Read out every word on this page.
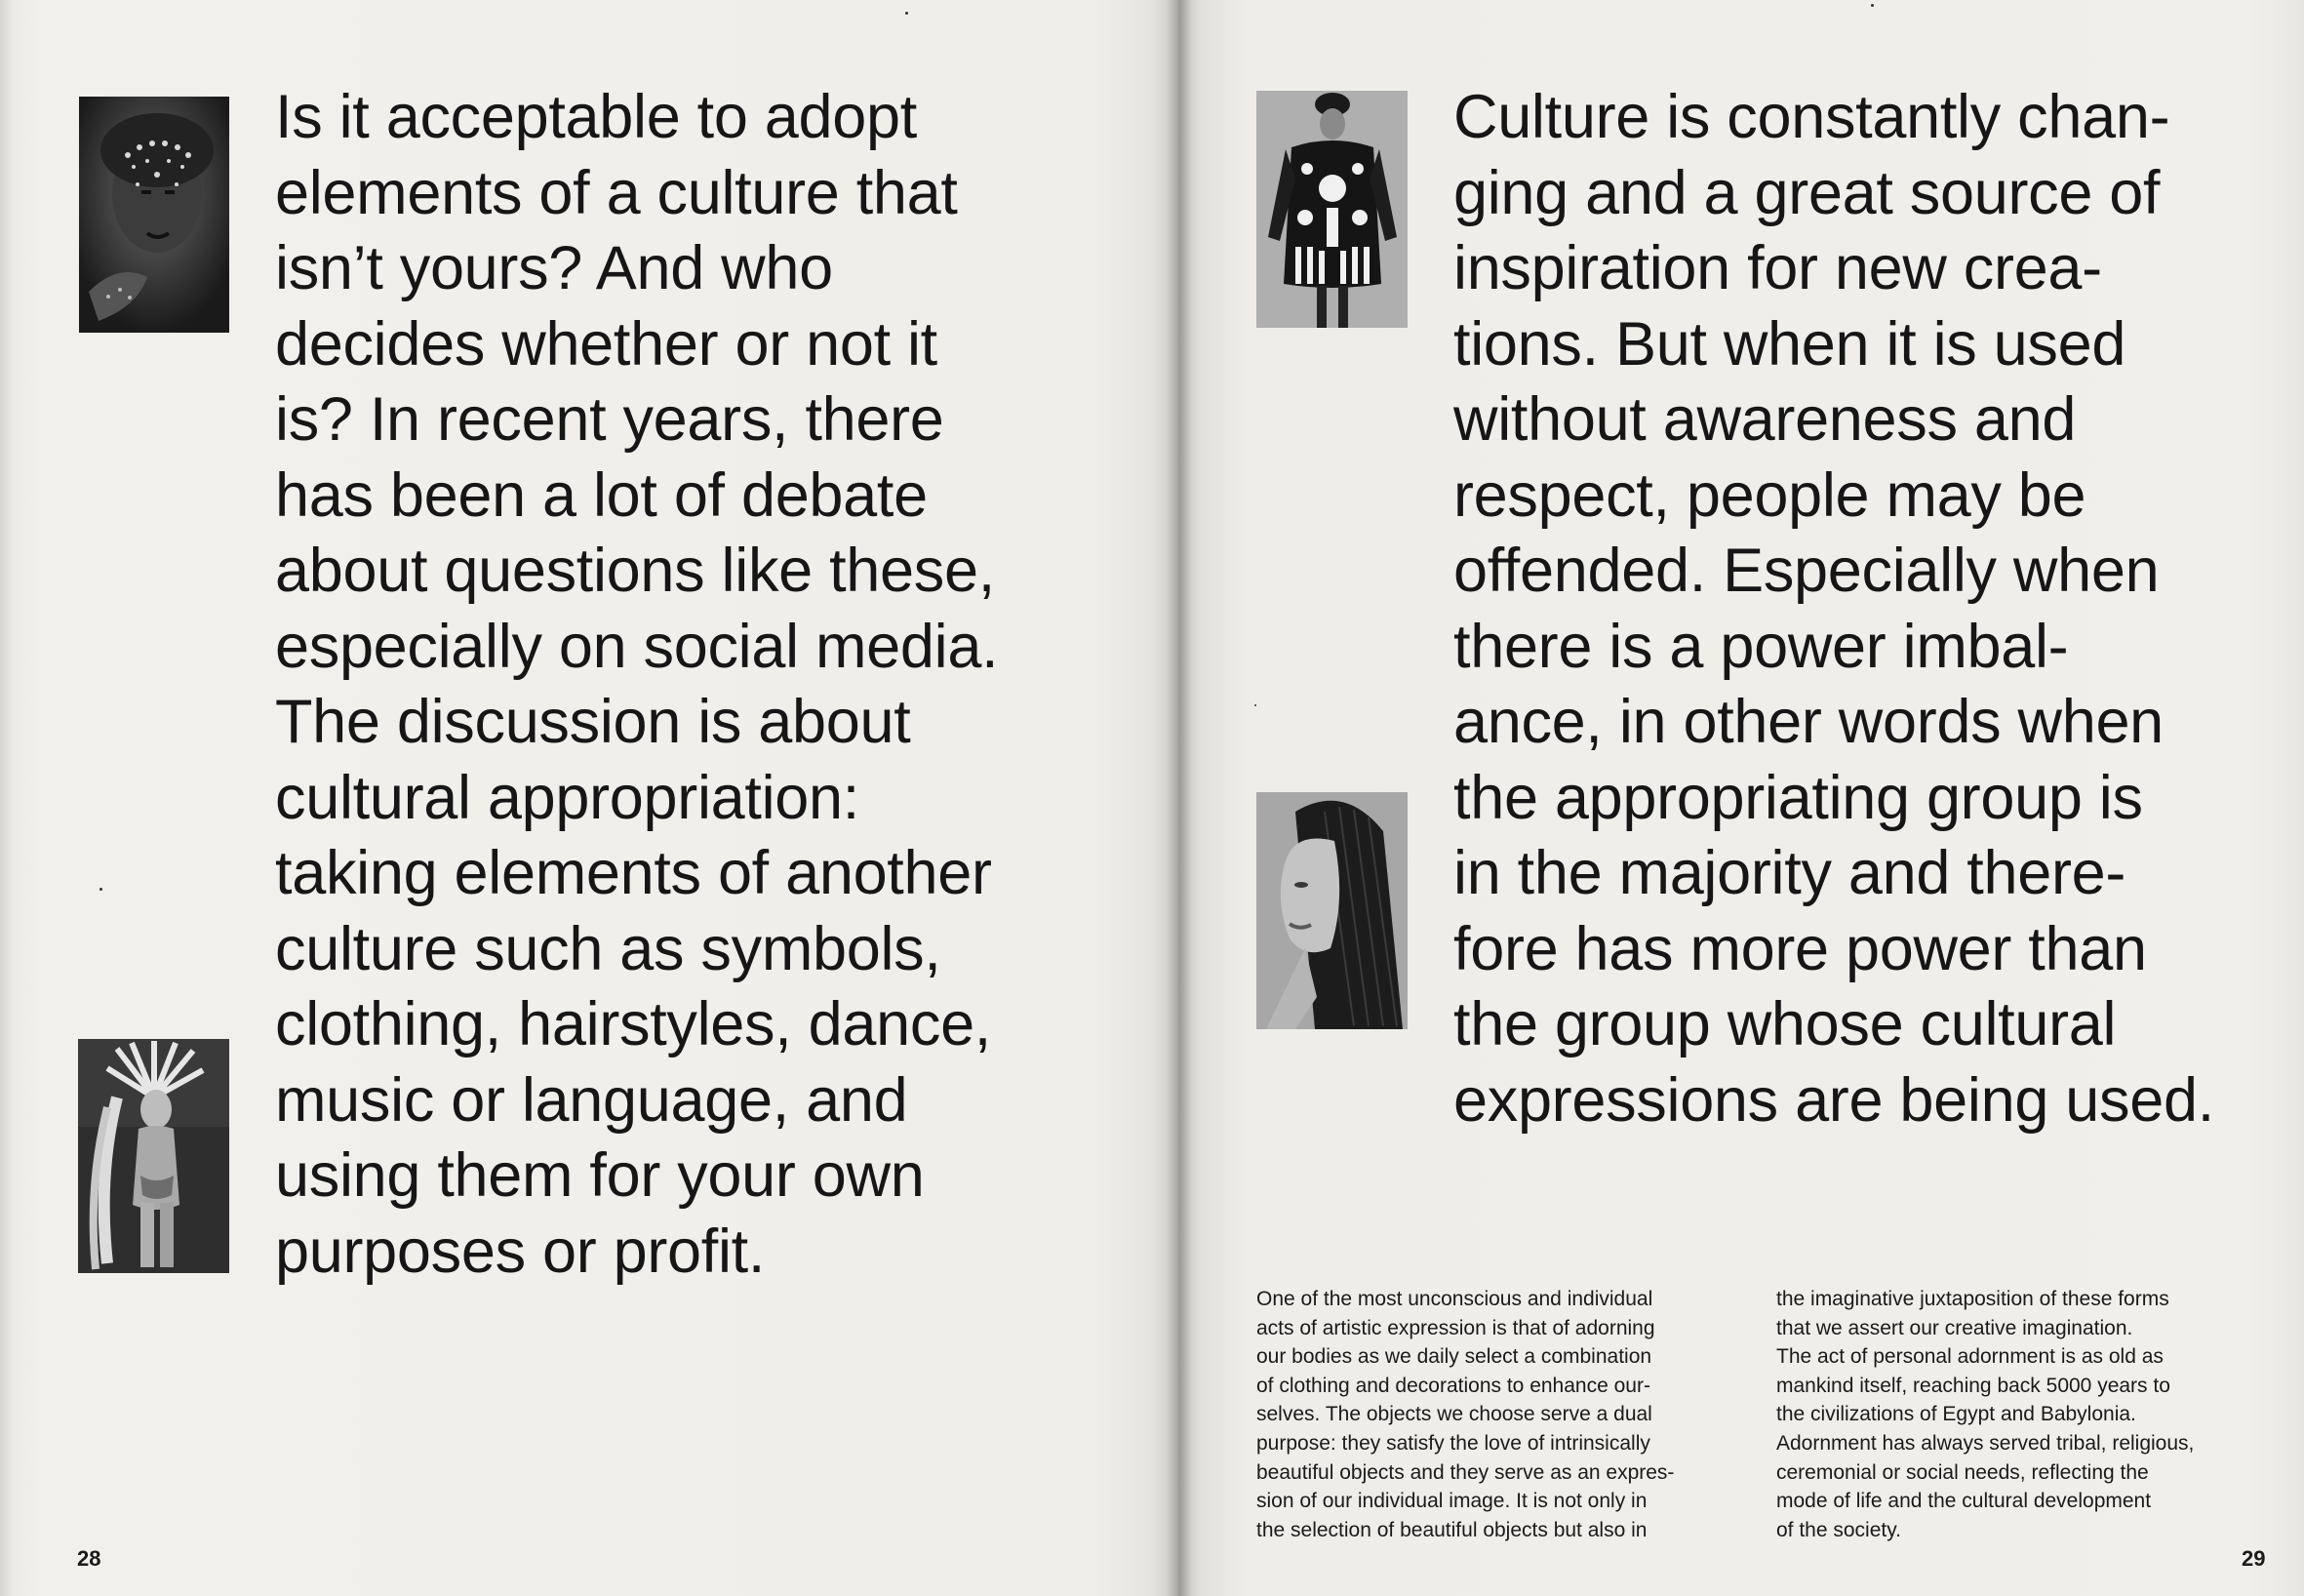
Is it acceptable to adopt
elements of a culture that
isn’t yours? And who
decides whether or not it
is? In recent years, there
has been a lot of debate
about questions like these,
especially on social media.
The discussion is about
cultural appropriation:
taking elements of another
culture such as symbols,
clothing, hairstyles, dance,
music or language, and
using them for your own
purposes or profit.

28

Culture is constantly chan-
ging and a great source of
inspiration for new crea-
tions. But when it is used
without awareness and
respect, people may be
offended. Especially when
there is a power imbal-
ance, in other words when
the appropriating group is
in the majority and there-
fore has more power than
the group whose cultural
expressions are being used.

One of the most unconscious and individual
acts of artistic expression is that of adorning
our bodies as we daily select a combination
of clothing and decorations to enhance our-
selves. The objects we choose serve a dual
purpose: they satisfy the love of intrinsically
beautiful objects and they serve as an expres-
sion of our individual image. It is not only in
the selection of beautiful objects but also in

the imaginative juxtaposition of these forms
that we assert our creative imagination.
The act of personal adornment is as old as
mankind itself, reaching back 5000 years to
the civilizations of Egypt and Babylonia.
Adornment has always served tribal, religious,
ceremonial or social needs, reflecting the
mode of life and the cultural development
of the society.

29
